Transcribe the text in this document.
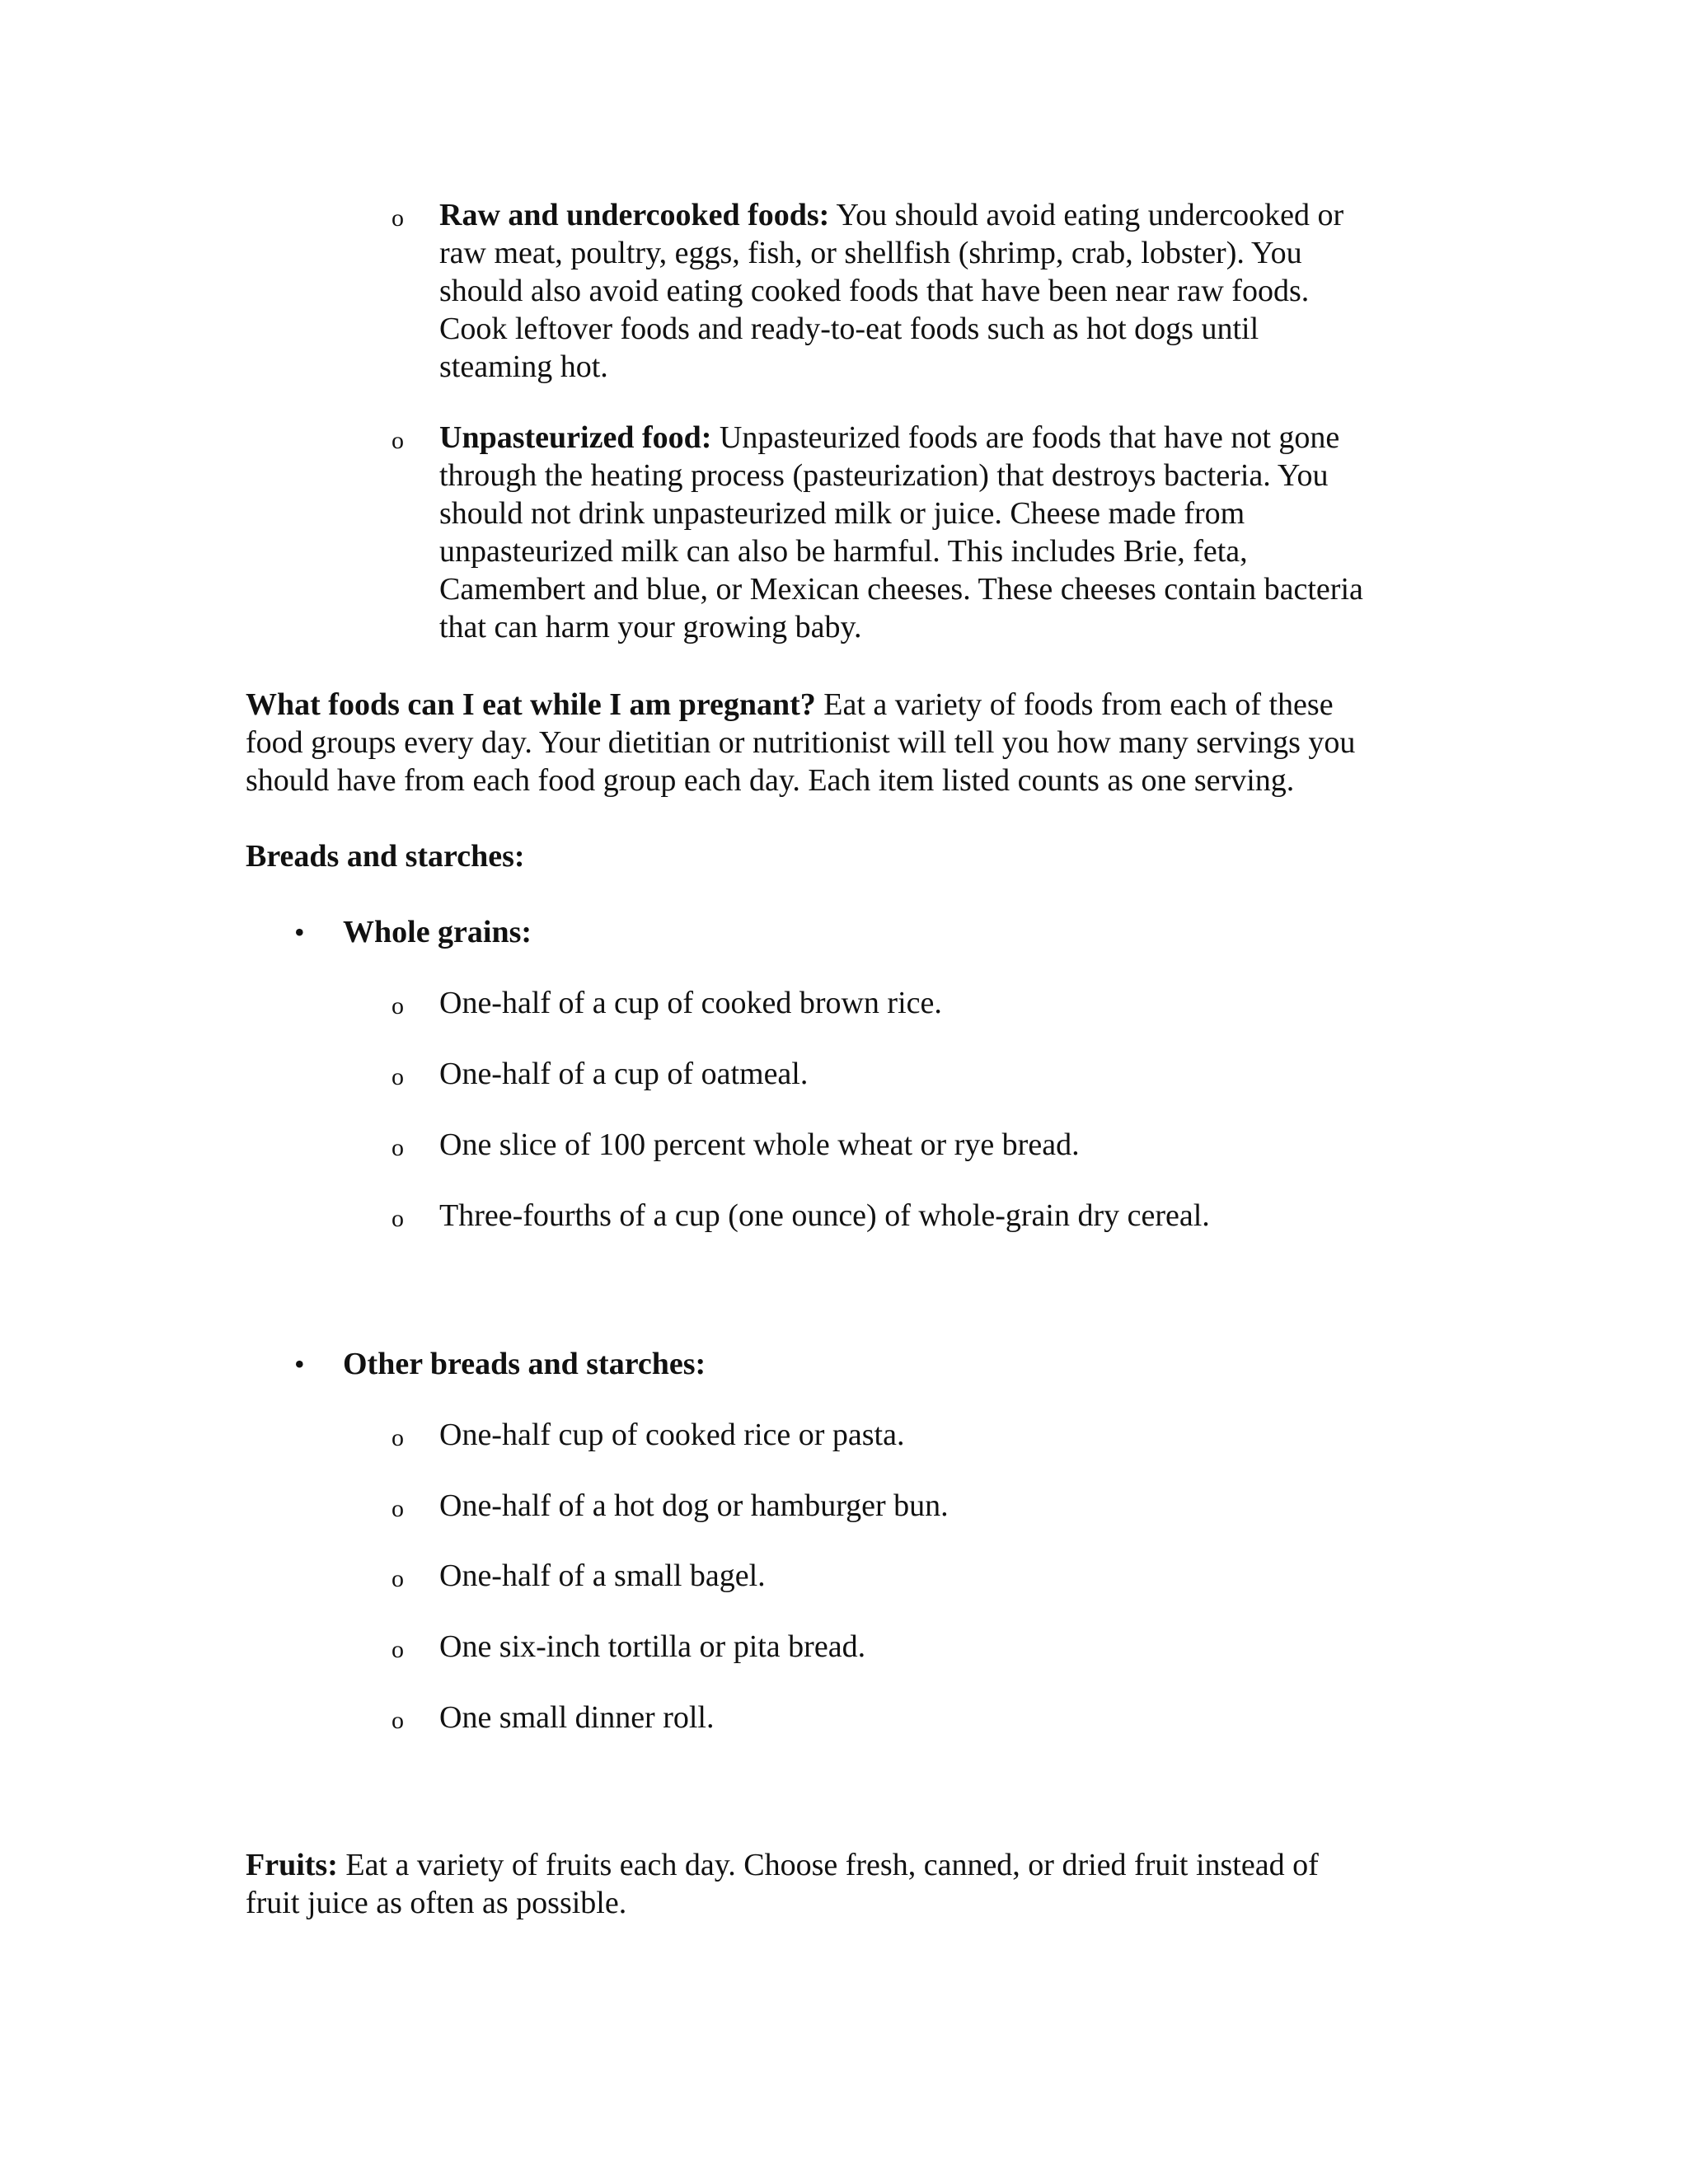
o Raw and undercooked foods: You should avoid eating undercooked or
raw meat, poultry, eggs, fish, or shellfish (shrimp, crab, lobster). You
should also avoid eating cooked foods that have been near raw foods.
Cook leftover foods and ready-to-eat foods such as hot dogs until
steaming hot.
o Unpasteurized food: Unpasteurized foods are foods that have not gone
through the heating process (pasteurization) that destroys bacteria. You
should not drink unpasteurized milk or juice. Cheese made from
unpasteurized milk can also be harmful. This includes Brie, feta,
Camembert and blue, or Mexican cheeses. These cheeses contain bacteria
that can harm your growing baby.
What foods can I eat while I am pregnant? Eat a variety of foods from each of these
food groups every day. Your dietitian or nutritionist will tell you how many servings you
should have from each food group each day. Each item listed counts as one serving.
Breads and starches:
• Whole grains:
o One-half of a cup of cooked brown rice.
o One-half of a cup of oatmeal.
o One slice of 100 percent whole wheat or rye bread.
o Three-fourths of a cup (one ounce) of whole-grain dry cereal.
• Other breads and starches:
o One-half cup of cooked rice or pasta.
o One-half of a hot dog or hamburger bun.
o One-half of a small bagel.
o One six-inch tortilla or pita bread.
o One small dinner roll.
Fruits: Eat a variety of fruits each day. Choose fresh, canned, or dried fruit instead of
fruit juice as often as possible.
